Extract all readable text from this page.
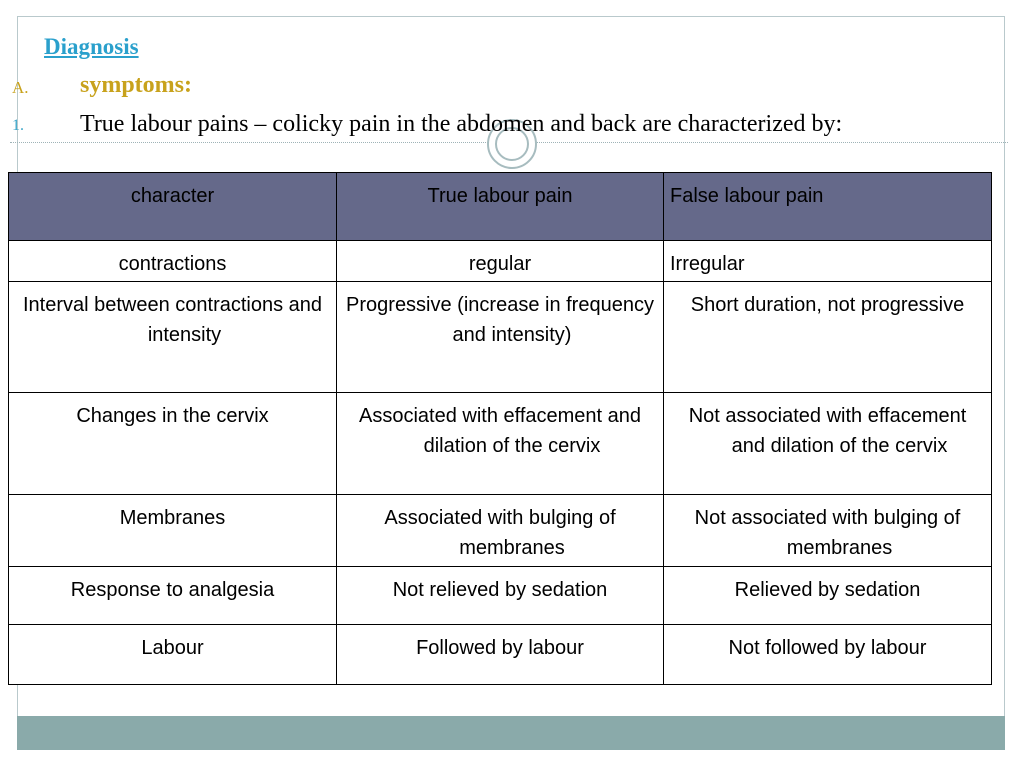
Diagnosis
A. symptoms:
1. True labour pains – colicky pain in the abdomen and back are characterized by:
character	True labour pain	False labour pain
contractions	regular	Irregular
Interval between contractions and intensity	Progressive (increase in frequency and intensity)	Short duration, not progressive
Changes in the cervix	Associated with effacement and dilation of the cervix	Not associated with effacement and dilation of the cervix
Membranes	Associated with bulging of membranes	Not associated with bulging of membranes
Response to analgesia	Not relieved by sedation	Relieved by sedation
Labour	Followed by labour	Not followed by labour
